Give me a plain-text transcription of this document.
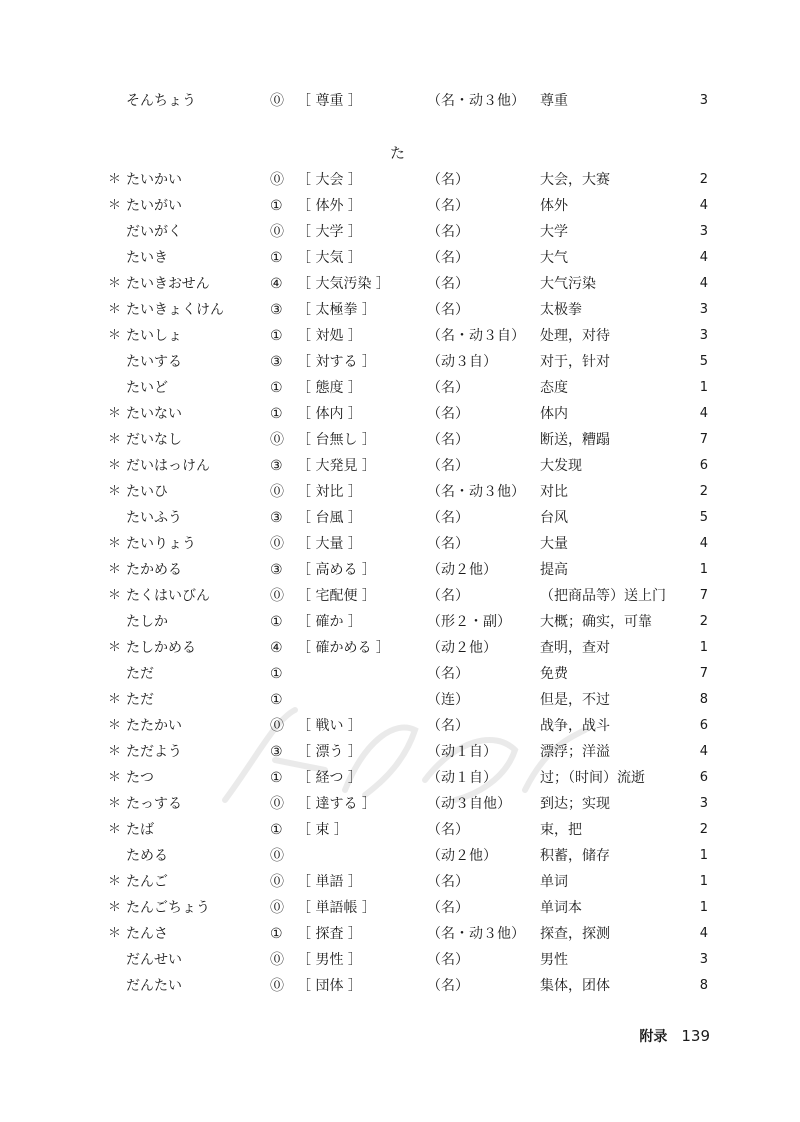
そんちょう	⓪ ［ 尊重 ］	（名・动３他） 尊重	3
た
＊ たいかい	⓪ ［ 大会 ］	（名）	大会，大赛	2
＊ たいがい	① ［ 体外 ］	（名）	体外	4
だいがく	⓪ ［ 大学 ］	（名）	大学	3
たいき	① ［ 大気 ］	（名）	大气	4
＊ たいきおせん	④ ［ 大気汚染 ］	（名）	大气污染	4
＊ たいきょくけん	③ ［ 太極拳 ］	（名）	太极拳	3
＊ たいしょ	① ［ 対処 ］	（名・动３自） 处理，对待	3
たいする	③ ［ 対する ］	（动３自）	对于，针对	5
たいど	① ［ 態度 ］	（名）	态度	1
＊ たいない	① ［ 体内 ］	（名）	体内	4
＊ だいなし	⓪ ［ 台無し ］	（名）	断送，糟蹋	7
＊ だいはっけん	③ ［ 大発見 ］	（名）	大发现	6
＊ たいひ	⓪ ［ 対比 ］	（名・动３他） 对比	2
たいふう	③ ［ 台風 ］	（名）	台风	5
＊ たいりょう	⓪ ［ 大量 ］	（名）	大量	4
＊ たかめる	③ ［ 高める ］	（动２他）	提高	1
＊ たくはいびん	⓪ ［ 宅配便 ］	（名）	（把商品等）送上门	7
たしか	① ［ 確か ］	（形２・副） 大概；确实，可靠	2
＊ たしかめる	④ ［ 確かめる ］	（动２他）	查明，查对	1
ただ	①	（名）	免费	7
＊ ただ	①	（连）	但是，不过	8
＊ たたかい	⓪ ［ 戦い ］	（名）	战争，战斗	6
＊ ただよう	③ ［ 漂う ］	（动１自）	漂浮；洋溢	4
＊ たつ	① ［ 経つ ］	（动１自）	过；（时间）流逝	6
＊ たっする	⓪ ［ 達する ］	（动３自他） 到达；实现	3
＊ たば	① ［ 束 ］	（名）	束，把	2
ためる	⓪	（动２他）	积蓄，储存	1
＊ たんご	⓪ ［ 単語 ］	（名）	单词	1
＊ たんごちょう	⓪ ［ 単語帳 ］	（名）	单词本	1
＊ たんさ	① ［ 探査 ］	（名・动３他） 探查，探测	4
だんせい	⓪ ［ 男性 ］	（名）	男性	3
だんたい	⓪ ［ 団体 ］	（名）	集体，团体	8
附录 139
